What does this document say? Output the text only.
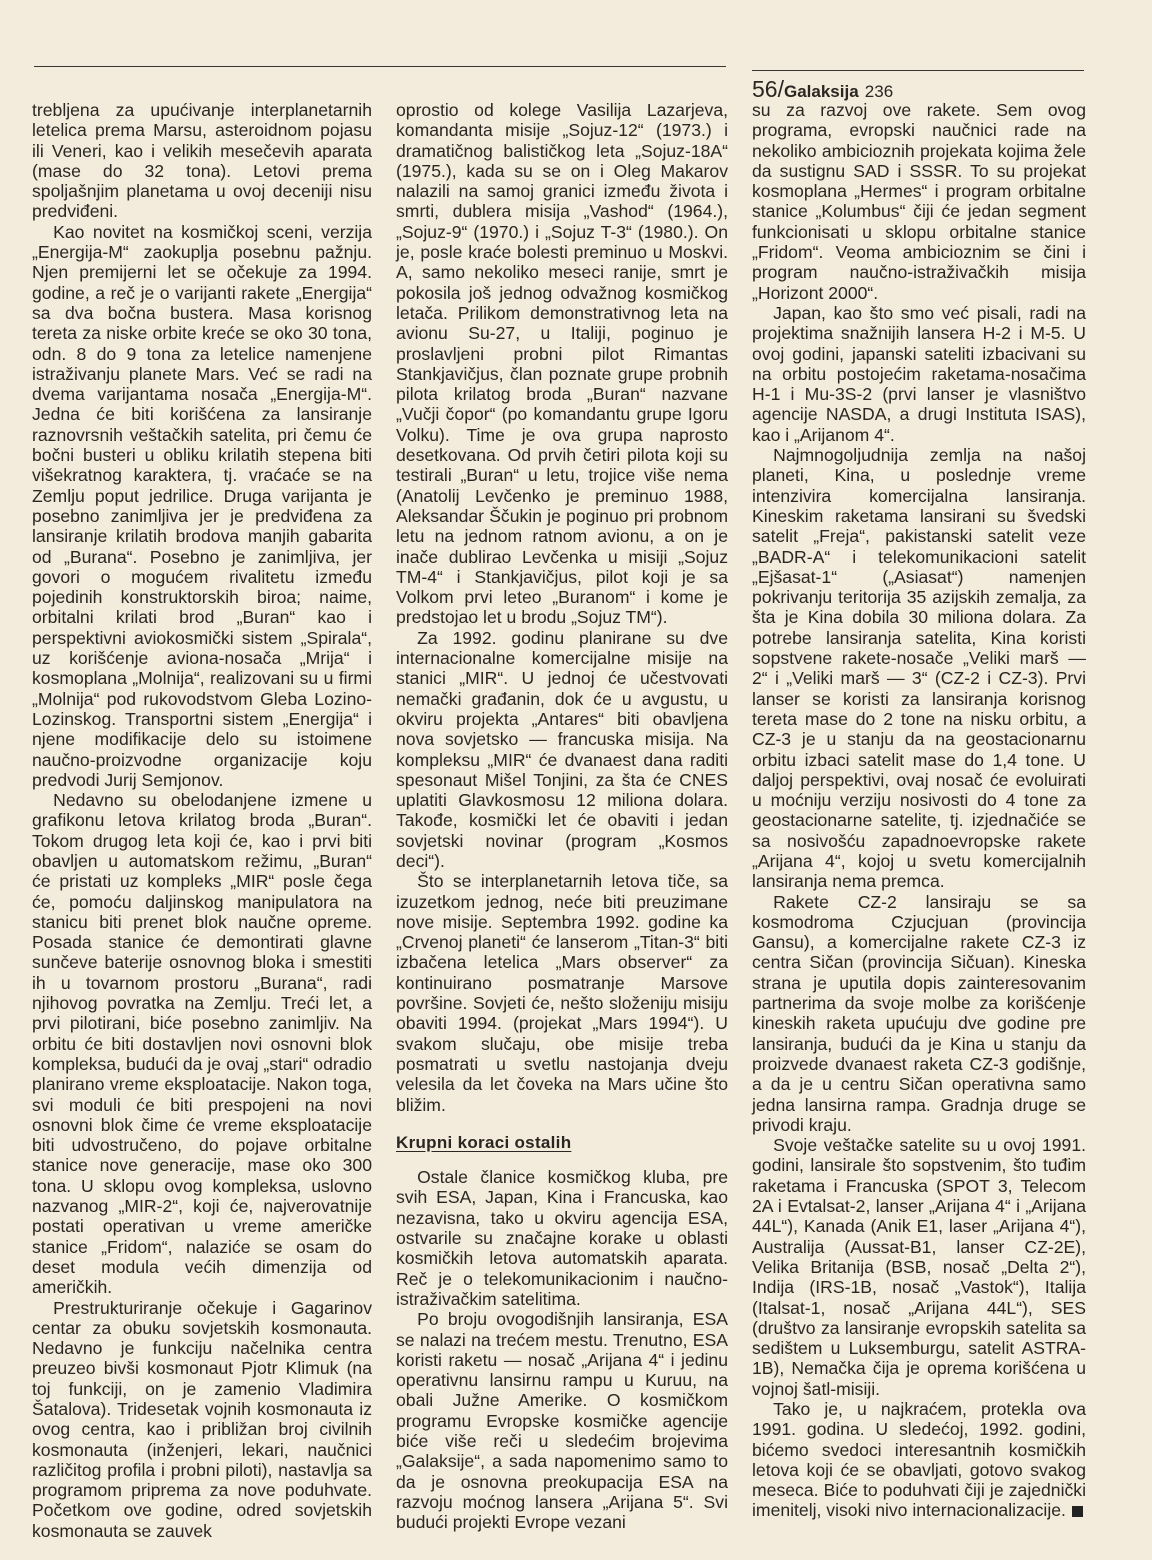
56/Galaksija 236

trebljena za upućivanje interplanetarnih letelica prema Marsu, asteroidnom pojasu ili Veneri, kao i velikih mesečevih aparata (mase do 32 tona). Letovi prema spoljašnjim planetama u ovoj deceniji nisu predviđeni.

Kao novitet na kosmičkoj sceni, verzija „Energija-M“ zaokuplja posebnu pažnju. Njen premijerni let se očekuje za 1994. godine, a reč je o varijanti rakete „Energija“ sa dva bočna bustera. Masa korisnog tereta za niske orbite kreće se oko 30 tona, odn. 8 do 9 tona za letelice namenjene istraživanju planete Mars. Već se radi na dvema varijantama nosača „Energija-M“. Jedna će biti korišćena za lansiranje raznovrsnih veštačkih satelita, pri čemu će bočni busteri u obliku krilatih stepena biti višekratnog karaktera, tj. vraćaće se na Zemlju poput jedrilice. Druga varijanta je posebno zanimljiva jer je predviđena za lansiranje krilatih brodova manjih gabarita od „Burana“. Posebno je zanimljiva, jer govori o mogućem rivalitetu između pojedinih konstruktorskih biroa; naime, orbitalni krilati brod „Buran“ kao i perspektivni aviokosmički sistem „Spirala“, uz korišćenje aviona-nosača „Mrija“ i kosmoplana „Molnija“, realizovani su u firmi „Molnija“ pod rukovodstvom Gleba Lozino-Lozinskog. Transportni sistem „Energija“ i njene modifikacije delo su istoimene naučno-proizvodne organizacije koju predvodi Jurij Semjonov.

Nedavno su obelodanjene izmene u grafikonu letova krilatog broda „Buran“. Tokom drugog leta koji će, kao i prvi biti obavljen u automatskom režimu, „Buran“ će pristati uz kompleks „MIR“ posle čega će, pomoću daljinskog manipulatora na stanicu biti prenet blok naučne opreme. Posada stanice će demontirati glavne sunčeve baterije osnovnog bloka i smestiti ih u tovarnom prostoru „Burana“, radi njihovog povratka na Zemlju. Treći let, a prvi pilotirani, biće posebno zanimljiv. Na orbitu će biti dostavljen novi osnovni blok kompleksa, budući da je ovaj „stari“ odradio planirano vreme eksploatacije. Nakon toga, svi moduli će biti prespojeni na novi osnovni blok čime će vreme eksploatacije biti udvostručeno, do pojave orbitalne stanice nove generacije, mase oko 300 tona. U sklopu ovog kompleksa, uslovno nazvanog „MIR-2“, koji će, najverovatnije postati operativan u vreme američke stanice „Fridom“, nalaziće se osam do deset modula većih dimenzija od američkih.

Prestrukturiranje očekuje i Gagarinov centar za obuku sovjetskih kosmonauta. Nedavno je funkciju načelnika centra preuzeo bivši kosmonaut Pjotr Klimuk (na toj funkciji, on je zamenio Vladimira Šatalova). Tridesetak vojnih kosmonauta iz ovog centra, kao i približan broj civilnih kosmonauta (inženjeri, lekari, naučnici različitog profila i probni piloti), nastavlja sa programom priprema za nove poduhvate. Početkom ove godine, odred sovjetskih kosmonauta se zauvek

oprostio od kolege Vasilija Lazarjeva, komandanta misije „Sojuz-12“ (1973.) i dramatičnog balističkog leta „Sojuz-18A“ (1975.), kada su se on i Oleg Makarov nalazili na samoj granici između života i smrti, dublera misija „Vashod“ (1964.), „Sojuz-9“ (1970.) i „Sojuz T-3“ (1980.). On je, posle kraće bolesti preminuo u Moskvi. A, samo nekoliko meseci ranije, smrt je pokosila još jednog odvažnog kosmičkog letača. Prilikom demonstrativnog leta na avionu Su-27, u Italiji, poginuo je proslavljeni probni pilot Rimantas Stankjavičjus, član poznate grupe probnih pilota krilatog broda „Buran“ nazvane „Vučji čopor“ (po komandantu grupe Igoru Volku). Time je ova grupa naprosto desetkovana. Od prvih četiri pilota koji su testirali „Buran“ u letu, trojice više nema (Anatolij Levčenko je preminuo 1988, Aleksandar Ščukin je poginuo pri probnom letu na jednom ratnom avionu, a on je inače dublirao Levčenka u misiji „Sojuz TM-4“ i Stankjavičjus, pilot koji je sa Volkom prvi leteo „Buranom“ i kome je predstojao let u brodu „Sojuz TM“).

Za 1992. godinu planirane su dve internacionalne komercijalne misije na stanici „MIR“. U jednoj će učestvovati nemački građanin, dok će u avgustu, u okviru projekta „Antares“ biti obavljena nova sovjetsko — francuska misija. Na kompleksu „MIR“ će dvanaest dana raditi spesonaut Mišel Tonjini, za šta će CNES uplatiti Glavkosmosu 12 miliona dolara. Takođe, kosmički let će obaviti i jedan sovjetski novinar (program „Kosmos deci“).

Što se interplanetarnih letova tiče, sa izuzetkom jednog, neće biti preuzimane nove misije. Septembra 1992. godine ka „Crvenoj planeti“ će lanserom „Titan-3“ biti izbačena letelica „Mars observer“ za kontinuirano posmatranje Marsove površine. Sovjeti će, nešto složeniju misiju obaviti 1994. (projekat „Mars 1994“). U svakom slučaju, obe misije treba posmatrati u svetlu nastojanja dveju velesila da let čoveka na Mars učine što bližim.

Krupni koraci ostalih

Ostale članice kosmičkog kluba, pre svih ESA, Japan, Kina i Francuska, kao nezavisna, tako u okviru agencija ESA, ostvarile su značajne korake u oblasti kosmičkih letova automatskih aparata. Reč je o telekomunikacionim i naučno-istraživačkim satelitima.

Po broju ovogodišnjih lansiranja, ESA se nalazi na trećem mestu. Trenutno, ESA koristi raketu — nosač „Arijana 4“ i jedinu operativnu lansirnu rampu u Kuruu, na obali Južne Amerike. O kosmičkom programu Evropske kosmičke agencije biće više reči u sledećim brojevima „Galaksije“, a sada napomenimo samo to da je osnovna preokupacija ESA na razvoju moćnog lansera „Arijana 5“. Svi budući projekti Evrope vezani

su za razvoj ove rakete. Sem ovog programa, evropski naučnici rade na nekoliko ambicioznih projekata kojima žele da sustignu SAD i SSSR. To su projekat kosmoplana „Hermes“ i program orbitalne stanice „Kolumbus“ čiji će jedan segment funkcionisati u sklopu orbitalne stanice „Fridom“. Veoma ambicioznim se čini i program naučno-istraživačkih misija „Horizont 2000“.

Japan, kao što smo već pisali, radi na projektima snažnijih lansera H-2 i M-5. U ovoj godini, japanski sateliti izbacivani su na orbitu postojećim raketama-nosačima H-1 i Mu-3S-2 (prvi lanser je vlasništvo agencije NASDA, a drugi Instituta ISAS), kao i „Arijanom 4“.

Najmnogoljudnija zemlja na našoj planeti, Kina, u poslednje vreme intenzivira komercijalna lansiranja. Kineskim raketama lansirani su švedski satelit „Freja“, pakistanski satelit veze „BADR-A“ i telekomunikacioni satelit „Ejšasat-1“ („Asiasat“) namenjen pokrivanju teritorija 35 azijskih zemalja, za šta je Kina dobila 30 miliona dolara. Za potrebe lansiranja satelita, Kina koristi sopstvene rakete-nosače „Veliki marš — 2“ i „Veliki marš — 3“ (CZ-2 i CZ-3). Prvi lanser se koristi za lansiranja korisnog tereta mase do 2 tone na nisku orbitu, a CZ-3 je u stanju da na geostacionarnu orbitu izbaci satelit mase do 1,4 tone. U daljoj perspektivi, ovaj nosač će evoluirati u moćniju verziju nosivosti do 4 tone za geostacionarne satelite, tj. izjednačiće se sa nosivošću zapadnoevropske rakete „Arijana 4“, kojoj u svetu komercijalnih lansiranja nema premca.

Rakete CZ-2 lansiraju se sa kosmodroma Czjucjuan (provincija Gansu), a komercijalne rakete CZ-3 iz centra Sičan (provincija Sičuan). Kineska strana je uputila dopis zainteresovanim partnerima da svoje molbe za korišćenje kineskih raketa upućuju dve godine pre lansiranja, budući da je Kina u stanju da proizvede dvanaest raketa CZ-3 godišnje, a da je u centru Sičan operativna samo jedna lansirna rampa. Gradnja druge se privodi kraju.

Svoje veštačke satelite su u ovoj 1991. godini, lansirale što sopstvenim, što tuđim raketama i Francuska (SPOT 3, Telecom 2A i Evtalsat-2, lanser „Arijana 4“ i „Arijana 44L“), Kanada (Anik E1, laser „Arijana 4“), Australija (Aussat-B1, lanser CZ-2E), Velika Britanija (BSB, nosač „Delta 2“), Indija (IRS-1B, nosač „Vastok“), Italija (Italsat-1, nosač „Arijana 44L“), SES (društvo za lansiranje evropskih satelita sa sedištem u Luksemburgu, satelit ASTRA-1B), Nemačka čija je oprema korišćena u vojnoj šatl-misiji.

Tako je, u najkraćem, protekla ova 1991. godina. U sledećoj, 1992. godini, bićemo svedoci interesantnih kosmičkih letova koji će se obavljati, gotovo svakog meseca. Biće to poduhvati čiji je zajednički imenitelj, visoki nivo internacionalizacije.
